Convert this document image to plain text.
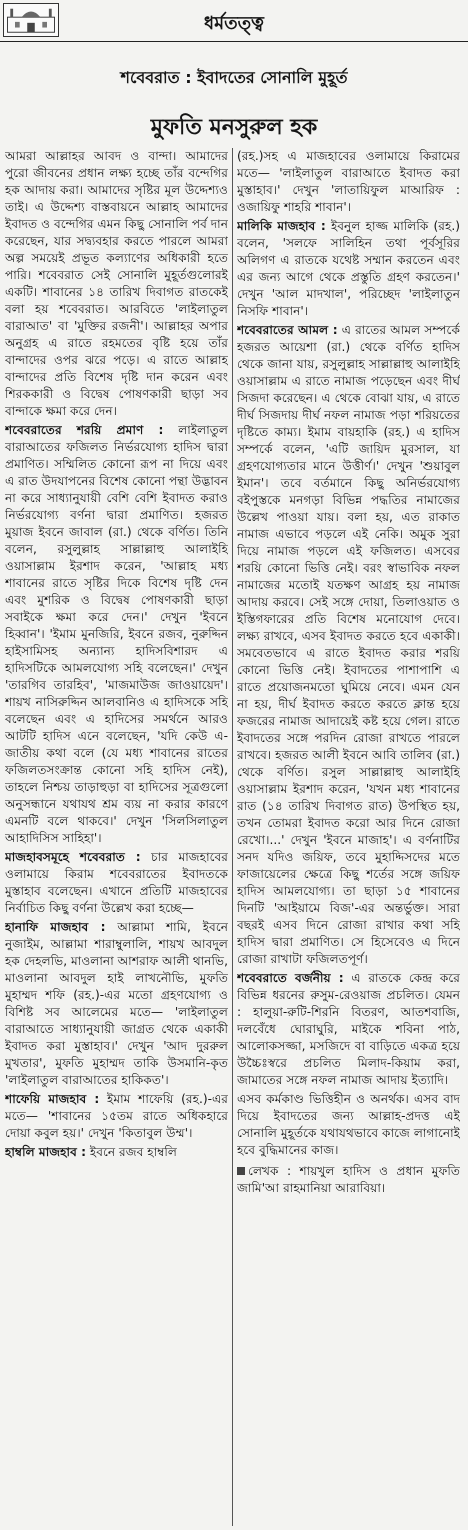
ধর্মতত্ত্ব
শবেবরাত : ইবাদতের সোনালি মুহূর্ত
মুফতি মনসুরুল হক

আমরা আল্লাহর আবদ ও বান্দা। আমাদের পুরো জীবনের প্রধান লক্ষ্য হচ্ছে তাঁর বন্দেগির হক আদায় করা। আমাদের সৃষ্টির মূল উদ্দেশ্যও তাই। এ উদ্দেশ্য বাস্তবায়নে আল্লাহ আমাদের ইবাদত ও বন্দেগির এমন কিছু সোনালি পর্ব দান করেছেন, যার সদ্ব্যবহার করতে পারলে আমরা অল্প সময়েই প্রভূত কল্যাণের অধিকারী হতে পারি। শবেবরাত সেই সোনালি মুহূর্তগুলোরই একটি। শাবানের ১৪ তারিখ দিবাগত রাতকেই বলা হয় শবেবরাত। আরবিতে 'লাইলাতুল বারাআত' বা 'মুক্তির রজনী'। আল্লাহর অপার অনুগ্রহ এ রাতে রহমতের বৃষ্টি হয়ে তাঁর বান্দাদের ওপর ঝরে পড়ে। এ রাতে আল্লাহ বান্দাদের প্রতি বিশেষ দৃষ্টি দান করেন এবং শিরককারী ও বিদ্বেষ পোষণকারী ছাড়া সব বান্দাকে ক্ষমা করে দেন।

শবেবরাতের শরয়ি প্রমাণ : লাইলাতুল বারাআতের ফজিলত নির্ভরযোগ্য হাদিস দ্বারা প্রমাণিত। সম্মিলিত কোনো রূপ না দিয়ে এবং এ রাত উদযাপনের বিশেষ কোনো পন্থা উদ্ভাবন না করে সাধ্যানুযায়ী বেশি বেশি ইবাদত করাও নির্ভরযোগ্য বর্ণনা দ্বারা প্রমাণিত। হজরত মুয়াজ ইবনে জাবাল (রা.) থেকে বর্ণিত। তিনি বলেন, রসুলুল্লাহ সাল্লাল্লাহু আলাইহি ওয়াসাল্লাম ইরশাদ করেন, 'আল্লাহ মধ্য শাবানের রাতে সৃষ্টির দিকে বিশেষ দৃষ্টি দেন এবং মুশরিক ও বিদ্বেষ পোষণকারী ছাড়া সবাইকে ক্ষমা করে দেন।' দেখুন 'ইবনে হিব্বান'। 'ইমাম মুনজিরি, ইবনে রজব, নুরুদ্দিন হাইসামিসহ অন্যান্য হাদিসবিশারদ এ হাদিসটিকে আমলযোগ্য সহি বলেছেন।' দেখুন 'তারগিব তারহিব', 'মাজমাউজ জাওয়ায়েদ'। শায়খ নাসিরুদ্দিন আলবানিও এ হাদিসকে সহি বলেছেন এবং এ হাদিসের সমর্থনে আরও আটটি হাদিস এনে বলেছেন, 'যদি কেউ এ-জাতীয় কথা বলে (যে মধ্য শাবানের রাতের ফজিলতসংক্রান্ত কোনো সহি হাদিস নেই), তাহলে নিশ্চয় তাড়াহুড়া বা হাদিসের সূত্রগুলো অনুসন্ধানে যথাযথ শ্রম ব্যয় না করার কারণে এমনটি বলে থাকবে।' দেখুন 'সিলসিলাতুল আহাদিসিস সাহিহা'।

মাজহাবসমূহে শবেবরাত : চার মাজহাবের ওলামায়ে কিরাম শবেবরাতের ইবাদতকে মুস্তাহাব বলেছেন। এখানে প্রতিটি মাজহাবের নির্বাচিত কিছু বর্ণনা উল্লেখ করা হচ্ছে—

হানাফি মাজহাব : আল্লামা শামি, ইবনে নুজাইম, আল্লামা শারাম্বুলালি, শায়খ আবদুল হক দেহলভি, মাওলানা আশরাফ আলী থানভি, মাওলানা আবদুল হাই লাখনৌভি, মুফতি মুহাম্মদ শফি (রহ.)-এর মতো গ্রহণযোগ্য ও বিশিষ্ট সব আলেমের মতে— 'লাইলাতুল বারাআতে সাধ্যানুযায়ী জাগ্রত থেকে একাকী ইবাদত করা মুস্তাহাব।' দেখুন 'আদ দুররুল মুখতার', মুফতি মুহাম্মদ তাকি উসমানি-কৃত 'লাইলাতুল বারাআতের হাকিকত'।

শাফেয়ি মাজহাব : ইমাম শাফেয়ি (রহ.)-এর মতে— 'শাবানের ১৫তম রাতে অধিকহারে দোয়া কবুল হয়।' দেখুন 'কিতাবুল উম্ম'।

হাম্বলি মাজহাব : ইবনে রজব হাম্বলি

(রহ.)সহ এ মাজহাবের ওলামায়ে কিরামের মতে— 'লাইলাতুল বারাআতে ইবাদত করা মুস্তাহাব।' দেখুন 'লাতায়িফুল মাআরিফ : ওজায়িফু শাহরি শাবান'।

মালিকি মাজহাব : ইবনুল হাজ্জ মালিকি (রহ.) বলেন, 'সলফে সালিহিন তথা পূর্বসূরির অলিগণ এ রাতকে যথেষ্ট সম্মান করতেন এবং এর জন্য আগে থেকে প্রস্তুতি গ্রহণ করতেন।' দেখুন 'আল মাদখাল', পরিচ্ছেদ 'লাইলাতুন নিসফি শাবান'।

শবেবরাতের আমল : এ রাতের আমল সম্পর্কে হজরত আয়েশা (রা.) থেকে বর্ণিত হাদিস থেকে জানা যায়, রসুলুল্লাহ সাল্লাল্লাহু আলাইহি ওয়াসাল্লাম এ রাতে নামাজ পড়েছেন এবং দীর্ঘ সিজদা করেছেন। এ থেকে বোঝা যায়, এ রাতে দীর্ঘ সিজদায় দীর্ঘ নফল নামাজ পড়া শরিয়তের দৃষ্টিতে কাম্য। ইমাম বায়হাকি (রহ.) এ হাদিস সম্পর্কে বলেন, 'এটি জায়িদ মুরসাল, যা গ্রহণযোগ্যতার মানে উত্তীর্ণ।' দেখুন 'শুয়াবুল ইমান'। তবে বর্তমানে কিছু অনির্ভরযোগ্য বইপুস্তকে মনগড়া বিভিন্ন পদ্ধতির নামাজের উল্লেখ পাওয়া যায়। বলা হয়, এত রাকাত নামাজ এভাবে পড়লে এই নেকি। অমুক সুরা দিয়ে নামাজ পড়লে এই ফজিলত। এসবের শরয়ি কোনো ভিত্তি নেই। বরং স্বাভাবিক নফল নামাজের মতোই যতক্ষণ আগ্রহ হয় নামাজ আদায় করবে। সেই সঙ্গে দোয়া, তিলাওয়াত ও ইস্তিগফারের প্রতি বিশেষ মনোযোগ দেবে। লক্ষ্য রাখবে, এসব ইবাদত করতে হবে একাকী। সমবেতভাবে এ রাতে ইবাদত করার শরয়ি কোনো ভিত্তি নেই। ইবাদতের পাশাপাশি এ রাতে প্রয়োজনমতো ঘুমিয়ে নেবে। এমন যেন না হয়, দীর্ঘ ইবাদত করতে করতে ক্লান্ত হয়ে ফজরের নামাজ আদায়েই কষ্ট হয়ে গেল। রাতে ইবাদতের সঙ্গে পরদিন রোজা রাখতে পারলে রাখবে। হজরত আলী ইবনে আবি তালিব (রা.) থেকে বর্ণিত। রসুল সাল্লাল্লাহু আলাইহি ওয়াসাল্লাম ইরশাদ করেন, 'যখন মধ্য শাবানের রাত (১৪ তারিখ দিবাগত রাত) উপস্থিত হয়, তখন তোমরা ইবাদত করো আর দিনে রোজা রেখো।...' দেখুন 'ইবনে মাজাহ'। এ বর্ণনাটির সনদ যদিও জয়িফ, তবে মুহাদ্দিসদের মতে ফাজায়েলের ক্ষেত্রে কিছু শর্তের সঙ্গে জয়িফ হাদিস আমলযোগ্য। তা ছাড়া ১৫ শাবানের দিনটি 'আইয়ামে বিজ'-এর অন্তর্ভুক্ত। সারা বছরই এসব দিনে রোজা রাখার কথা সহি হাদিস দ্বারা প্রমাণিত। সে হিসেবেও এ দিনে রোজা রাখাটা ফজিলতপূর্ণ।

শবেবরাতে বর্জনীয় : এ রাতকে কেন্দ্র করে বিভিন্ন ধরনের রুসুম-রেওয়াজ প্রচলিত। যেমন : হালুয়া-রুটি-শিরনি বিতরণ, আতশবাজি, দলবেঁধে ঘোরাঘুরি, মাইকে শবিনা পাঠ, আলোকসজ্জা, মসজিদে বা বাড়িতে একত্র হয়ে উচ্চৈঃস্বরে প্রচলিত মিলাদ-কিয়াম করা, জামাতের সঙ্গে নফল নামাজ আদায় ইত্যাদি।

এসব কর্মকাণ্ড ভিত্তিহীন ও অনর্থক। এসব বাদ দিয়ে ইবাদতের জন্য আল্লাহ-প্রদত্ত এই সোনালি মুহূর্তকে যথাযথভাবে কাজে লাগানোই হবে বুদ্ধিমানের কাজ।

লেখক : শায়খুল হাদিস ও প্রধান মুফতি জামি'আ রাহমানিয়া আরাবিয়া।
